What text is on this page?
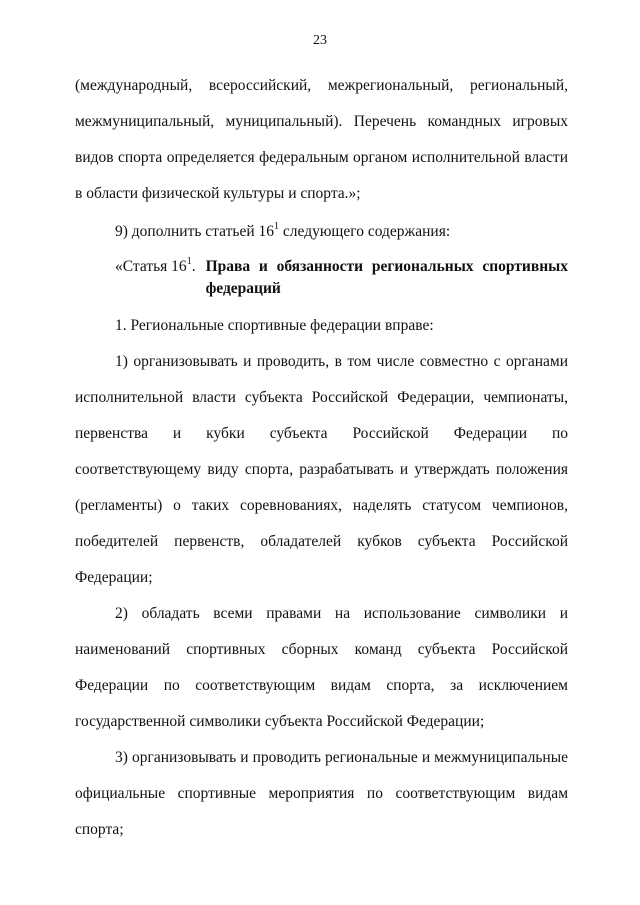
23

(международный, всероссийский, межрегиональный, региональный, межмуниципальный, муниципальный). Перечень командных игровых видов спорта определяется федеральным органом исполнительной власти в области физической культуры и спорта.»;

9) дополнить статьей $16^1$ следующего содержания:

«Статья $16^1$. Права и обязанности региональных спортивных федераций

1. Региональные спортивные федерации вправе:

1) организовывать и проводить, в том числе совместно с органами исполнительной власти субъекта Российской Федерации, чемпионаты, первенства и кубки субъекта Российской Федерации по соответствующему виду спорта, разрабатывать и утверждать положения (регламенты) о таких соревнованиях, наделять статусом чемпионов, победителей первенств, обладателей кубков субъекта Российской Федерации;

2) обладать всеми правами на использование символики и наименований спортивных сборных команд субъекта Российской Федерации по соответствующим видам спорта, за исключением государственной символики субъекта Российской Федерации;

3) организовывать и проводить региональные и межмуниципальные официальные спортивные мероприятия по соответствующим видам спорта;
